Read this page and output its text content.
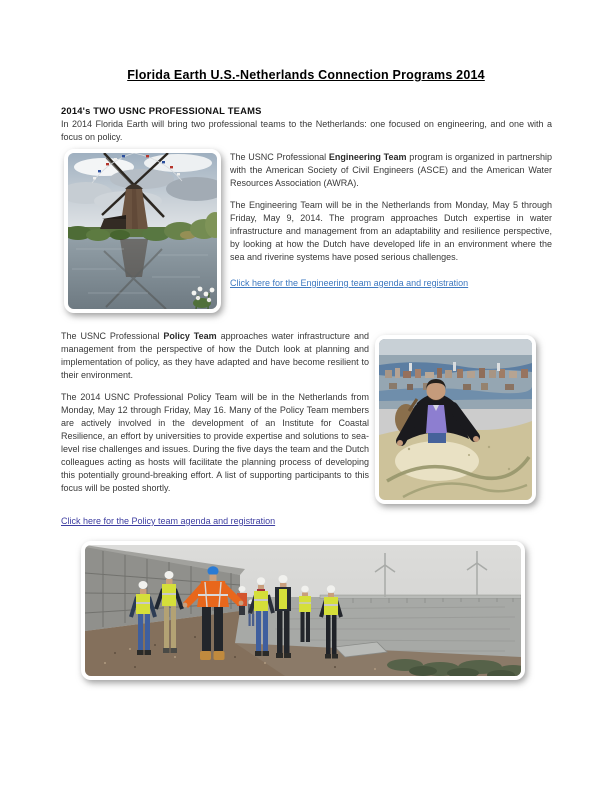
Florida Earth U.S.-Netherlands Connection Programs 2014
2014's TWO USNC PROFESSIONAL TEAMS

In 2014 Florida Earth will bring two professional teams to the Netherlands: one focused on engineering, and one with a focus on policy.

The USNC Professional Engineering Team program is organized in partnership with the American Society of Civil Engineers (ASCE) and the American Water Resources Association (AWRA).

The Engineering Team will be in the Netherlands from Monday, May 5 through Friday, May 9, 2014. The program approaches Dutch expertise in water infrastructure and management from an adaptability and resilience perspective, by looking at how the Dutch have developed life in an environment where the sea and riverine systems have posed serious challenges.

Click here for the Engineering team agenda and registration

The USNC Professional Policy Team approaches water infrastructure and management from the perspective of how the Dutch look at planning and implementation of policy, as they have adapted and have become resilient to their environment.

The 2014 USNC Professional Policy Team will be in the Netherlands from Monday, May 12 through Friday, May 16. Many of the Policy Team members are actively involved in the development of an Institute for Coastal Resilience, an effort by universities to provide expertise and solutions to sea-level rise challenges and issues. During the five days the team and the Dutch colleagues acting as hosts will facilitate the planning process of developing this potentially ground-breaking effort. A list of supporting participants to this focus will be posted shortly.

Click here for the Policy team agenda and registration
